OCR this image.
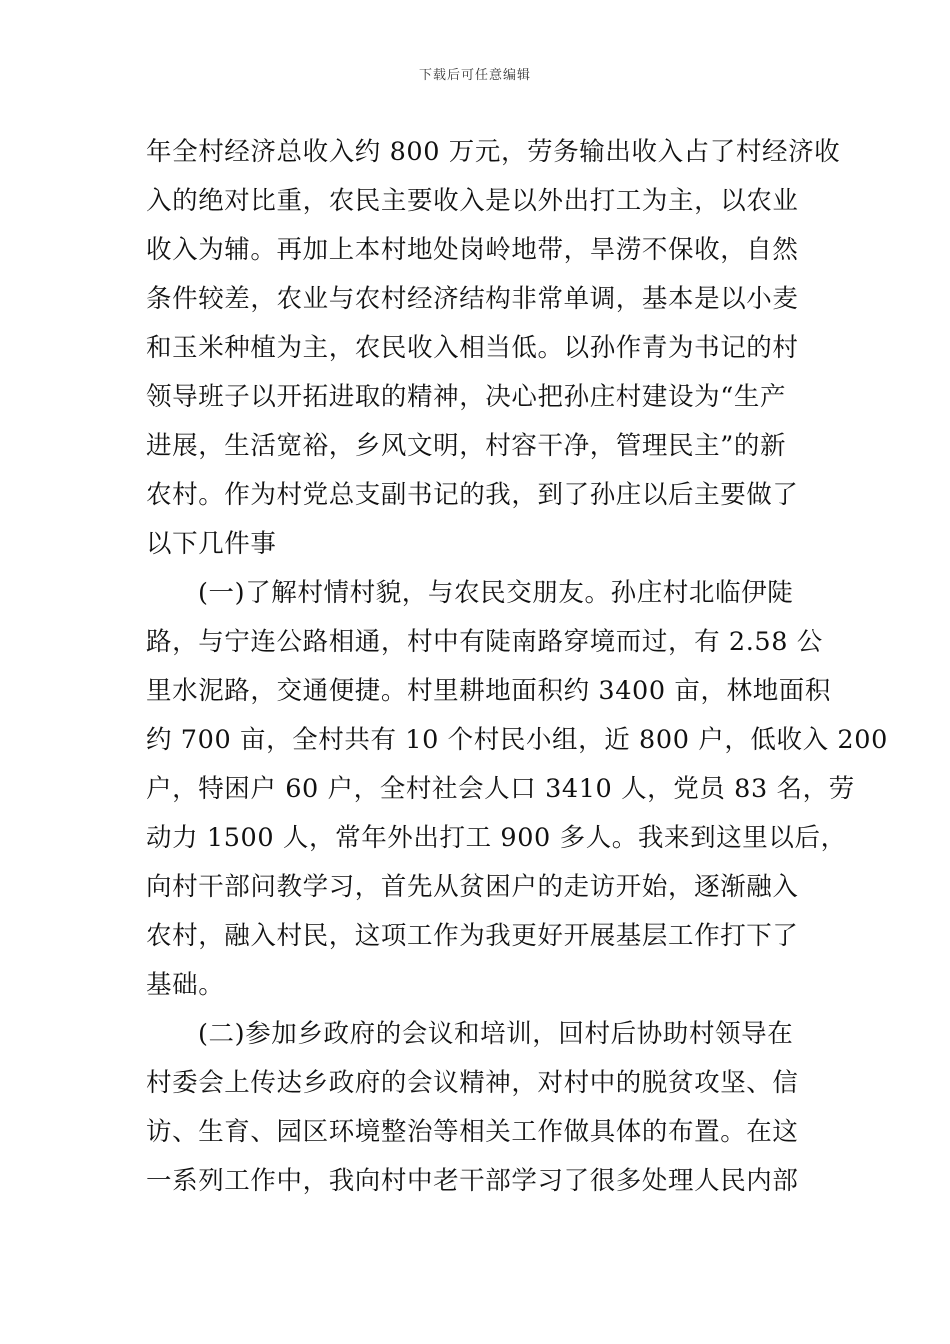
下载后可任意编辑
年全村经济总收入约 800 万元，劳务输出收入占了村经济收
入的绝对比重，农民主要收入是以外出打工为主，以农业
收入为辅。再加上本村地处岗岭地带，旱涝不保收，自然
条件较差，农业与农村经济结构非常单调，基本是以小麦
和玉米种植为主，农民收入相当低。以孙作青为书记的村
领导班子以开拓进取的精神，决心把孙庄村建设为“生产
进展，生活宽裕，乡风文明，村容干净，管理民主”的新
农村。作为村党总支副书记的我，到了孙庄以后主要做了
以下几件事
(一)了解村情村貌，与农民交朋友。孙庄村北临伊陡
路，与宁连公路相通，村中有陡南路穿境而过，有 2.58 公
里水泥路，交通便捷。村里耕地面积约 3400 亩，林地面积
约 700 亩，全村共有 10 个村民小组，近 800 户，低收入 200
户，特困户 60 户，全村社会人口 3410 人，党员 83 名，劳
动力 1500 人，常年外出打工 900 多人。我来到这里以后，
向村干部问教学习，首先从贫困户的走访开始，逐渐融入
农村，融入村民，这项工作为我更好开展基层工作打下了
基础。
(二)参加乡政府的会议和培训，回村后协助村领导在
村委会上传达乡政府的会议精神，对村中的脱贫攻坚、信
访、生育、园区环境整治等相关工作做具体的布置。在这
一系列工作中，我向村中老干部学习了很多处理人民内部
